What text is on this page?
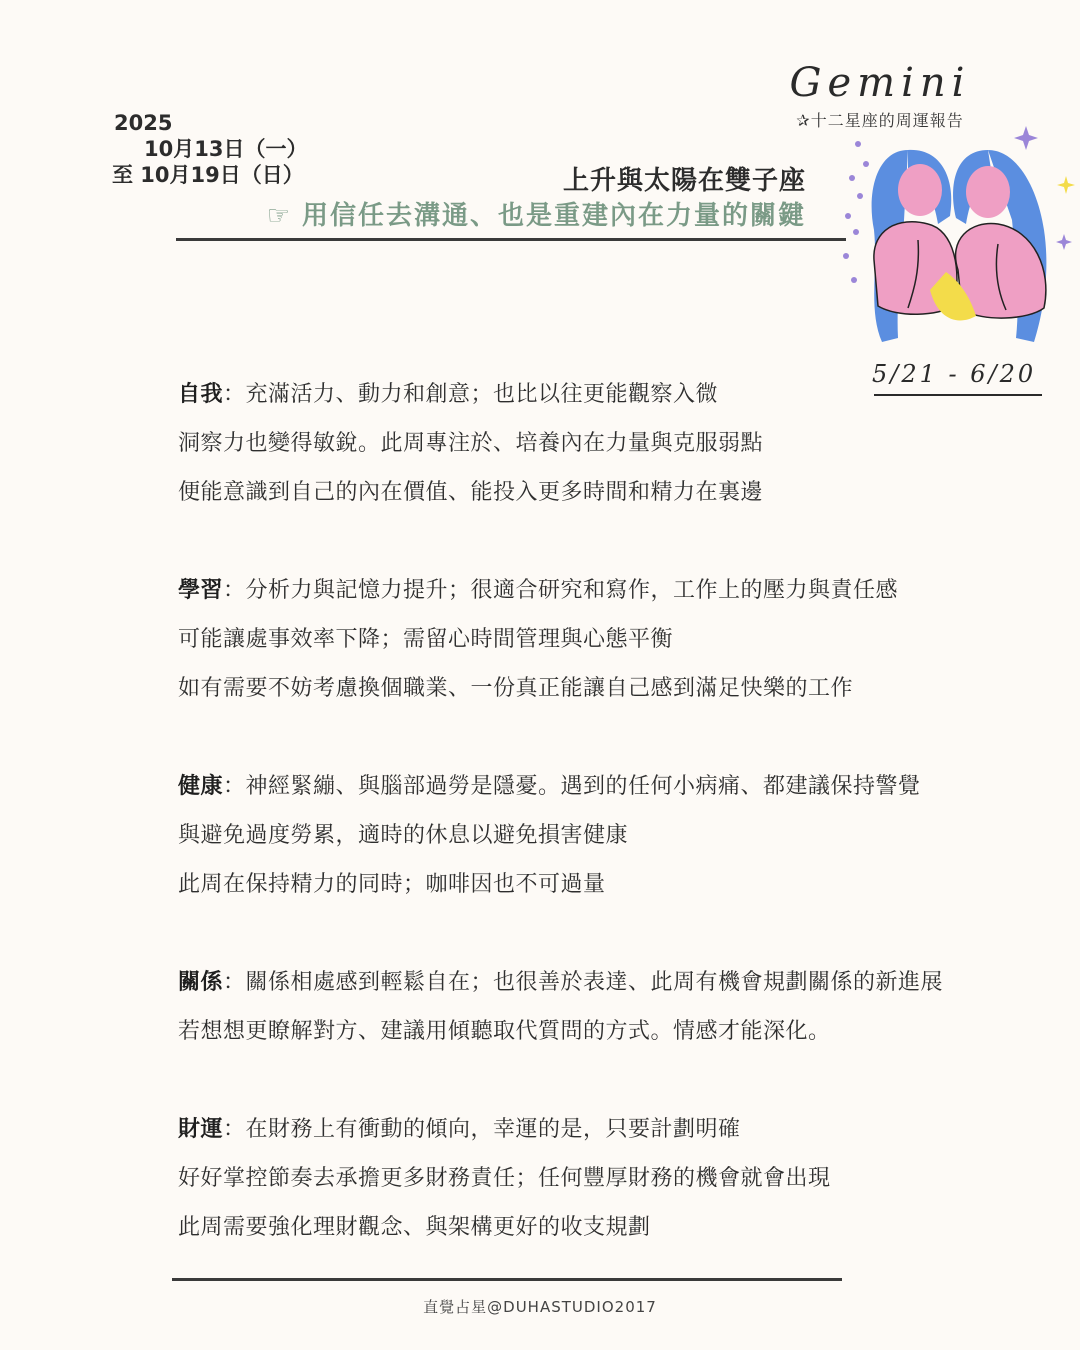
2025
10月13日（一）
至 10月19日（日）
Gemini
✰十二星座的周運報告
上升與太陽在雙子座
☞ 用信任去溝通、也是重建內在力量的關鍵
5/21 - 6/20
自我：充滿活力、動力和創意；也比以往更能觀察入微
洞察力也變得敏銳。此周專注於、培養內在力量與克服弱點
便能意識到自己的內在價值、能投入更多時間和精力在裏邊
學習：分析力與記憶力提升；很適合研究和寫作，工作上的壓力與責任感
可能讓處事效率下降；需留心時間管理與心態平衡
如有需要不妨考慮換個職業、一份真正能讓自己感到滿足快樂的工作
健康：神經緊繃、與腦部過勞是隱憂。遇到的任何小病痛、都建議保持警覺
與避免過度勞累，適時的休息以避免損害健康
此周在保持精力的同時；咖啡因也不可過量
關係：關係相處感到輕鬆自在；也很善於表達、此周有機會規劃關係的新進展
若想想更瞭解對方、建議用傾聽取代質問的方式。情感才能深化。
財運：在財務上有衝動的傾向，幸運的是，只要計劃明確
好好掌控節奏去承擔更多財務責任；任何豐厚財務的機會就會出現
此周需要強化理財觀念、與架構更好的收支規劃
直覺占星@DUHASTUDIO2017
